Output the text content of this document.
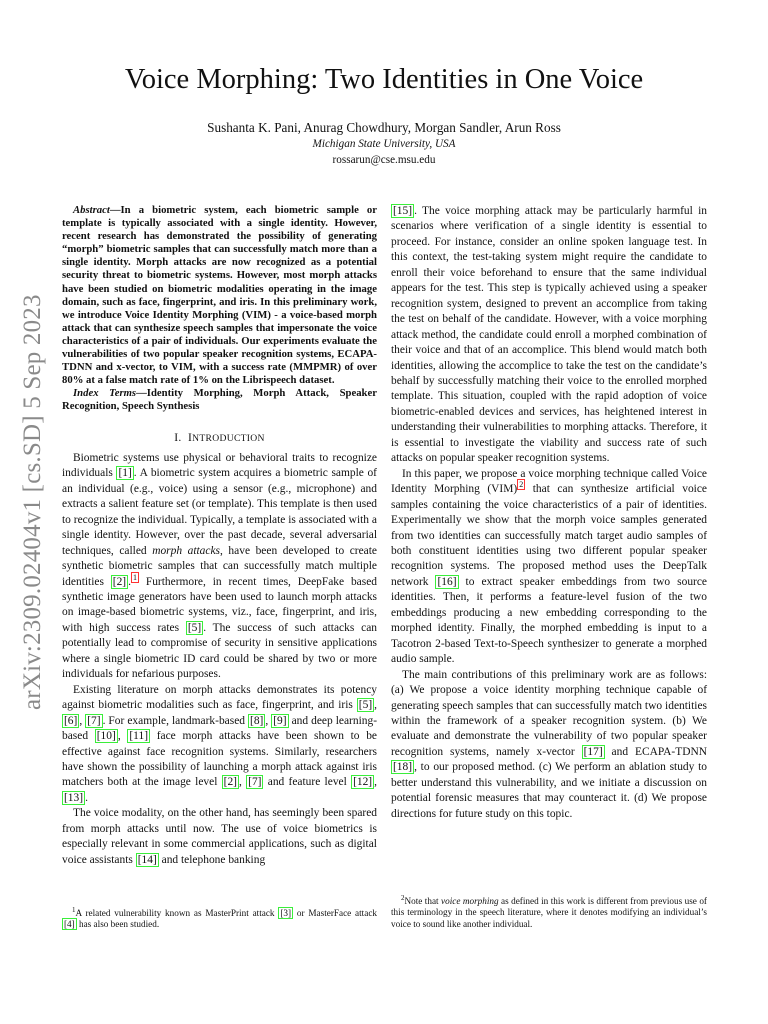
arXiv:2309.02404v1 [cs.SD] 5 Sep 2023
Voice Morphing: Two Identities in One Voice
Sushanta K. Pani, Anurag Chowdhury, Morgan Sandler, Arun Ross
Michigan State University, USA
rossarun@cse.msu.edu

Abstract—In a biometric system, each biometric sample or template is typically associated with a single identity. However, recent research has demonstrated the possibility of generating “morph” biometric samples that can successfully match more than a single identity. Morph attacks are now recognized as a potential security threat to biometric systems. However, most morph attacks have been studied on biometric modalities operating in the image domain, such as face, fingerprint, and iris. In this preliminary work, we introduce Voice Identity Morphing (VIM) - a voice-based morph attack that can synthesize speech samples that impersonate the voice characteristics of a pair of individuals. Our experiments evaluate the vulnerabilities of two popular speaker recognition systems, ECAPA-TDNN and x-vector, to VIM, with a success rate (MMPMR) of over 80% at a false match rate of 1% on the Librispeech dataset.

Index Terms—Identity Morphing, Morph Attack, Speaker Recognition, Speech Synthesis

I. INTRODUCTION

Biometric systems use physical or behavioral traits to recognize individuals [1] . A biometric system acquires a biometric sample of an individual (e.g., voice) using a sensor (e.g., microphone) and extracts a salient feature set (or template). This template is then used to recognize the individual. Typically, a template is associated with a single identity. However, over the past decade, several adversarial techniques, called morph attacks, have been developed to create synthetic biometric samples that can successfully match multiple identities [2] . $^1$ Furthermore, in recent times, DeepFake based synthetic image generators have been used to launch morph attacks on image-based biometric systems, viz., face, fingerprint, and iris, with high success rates [5] . The success of such attacks can potentially lead to compromise of security in sensitive applications where a single biometric ID card could be shared by two or more individuals for nefarious purposes.

Existing literature on morph attacks demonstrates its potency against biometric modalities such as face, fingerprint, and iris [5] , [6] , [7] . For example, landmark-based [8] , [9] and deep learning-based [10] , [11] face morph attacks have been shown to be effective against face recognition systems. Similarly, researchers have shown the possibility of launching a morph attack against iris matchers both at the image level [2] , [7] and feature level [12] , [13] .

The voice modality, on the other hand, has seemingly been spared from morph attacks until now. The use of voice biometrics is especially relevant in some commercial applications, such as digital voice assistants [14] and telephone banking

[15] . The voice morphing attack may be particularly harmful in scenarios where verification of a single identity is essential to proceed. For instance, consider an online spoken language test. In this context, the test-taking system might require the candidate to enroll their voice beforehand to ensure that the same individual appears for the test. This step is typically achieved using a speaker recognition system, designed to prevent an accomplice from taking the test on behalf of the candidate. However, with a voice morphing attack method, the candidate could enroll a morphed combination of their voice and that of an accomplice. This blend would match both identities, allowing the accomplice to take the test on the candidate’s behalf by successfully matching their voice to the enrolled morphed template. This situation, coupled with the rapid adoption of voice biometric-enabled devices and services, has heightened interest in understanding their vulnerabilities to morphing attacks. Therefore, it is essential to investigate the viability and success rate of such attacks on popular speaker recognition systems.

In this paper, we propose a voice morphing technique called Voice Identity Morphing (VIM) $^2$ that can synthesize artificial voice samples containing the voice characteristics of a pair of identities. Experimentally we show that the morph voice samples generated from two identities can successfully match target audio samples of both constituent identities using two different popular speaker recognition systems. The proposed method uses the DeepTalk network [16] to extract speaker embeddings from two source identities. Then, it performs a feature-level fusion of the two embeddings producing a new embedding corresponding to the morphed identity. Finally, the morphed embedding is input to a Tacotron 2-based Text-to-Speech synthesizer to generate a morphed audio sample.

The main contributions of this preliminary work are as follows: (a) We propose a voice identity morphing technique capable of generating speech samples that can successfully match two identities within the framework of a speaker recognition system. (b) We evaluate and demonstrate the vulnerability of two popular speaker recognition systems, namely x-vector [17] and ECAPA-TDNN [18] , to our proposed method. (c) We perform an ablation study to better understand this vulnerability, and we initiate a discussion on potential forensic measures that may counteract it. (d) We propose directions for future study on this topic.

$^1$A related vulnerability known as MasterPrint attack [3] or MasterFace attack [4] has also been studied.
$^2$Note that voice morphing as defined in this work is different from previous use of this terminology in the speech literature, where it denotes modifying an individual’s voice to sound like another individual.
